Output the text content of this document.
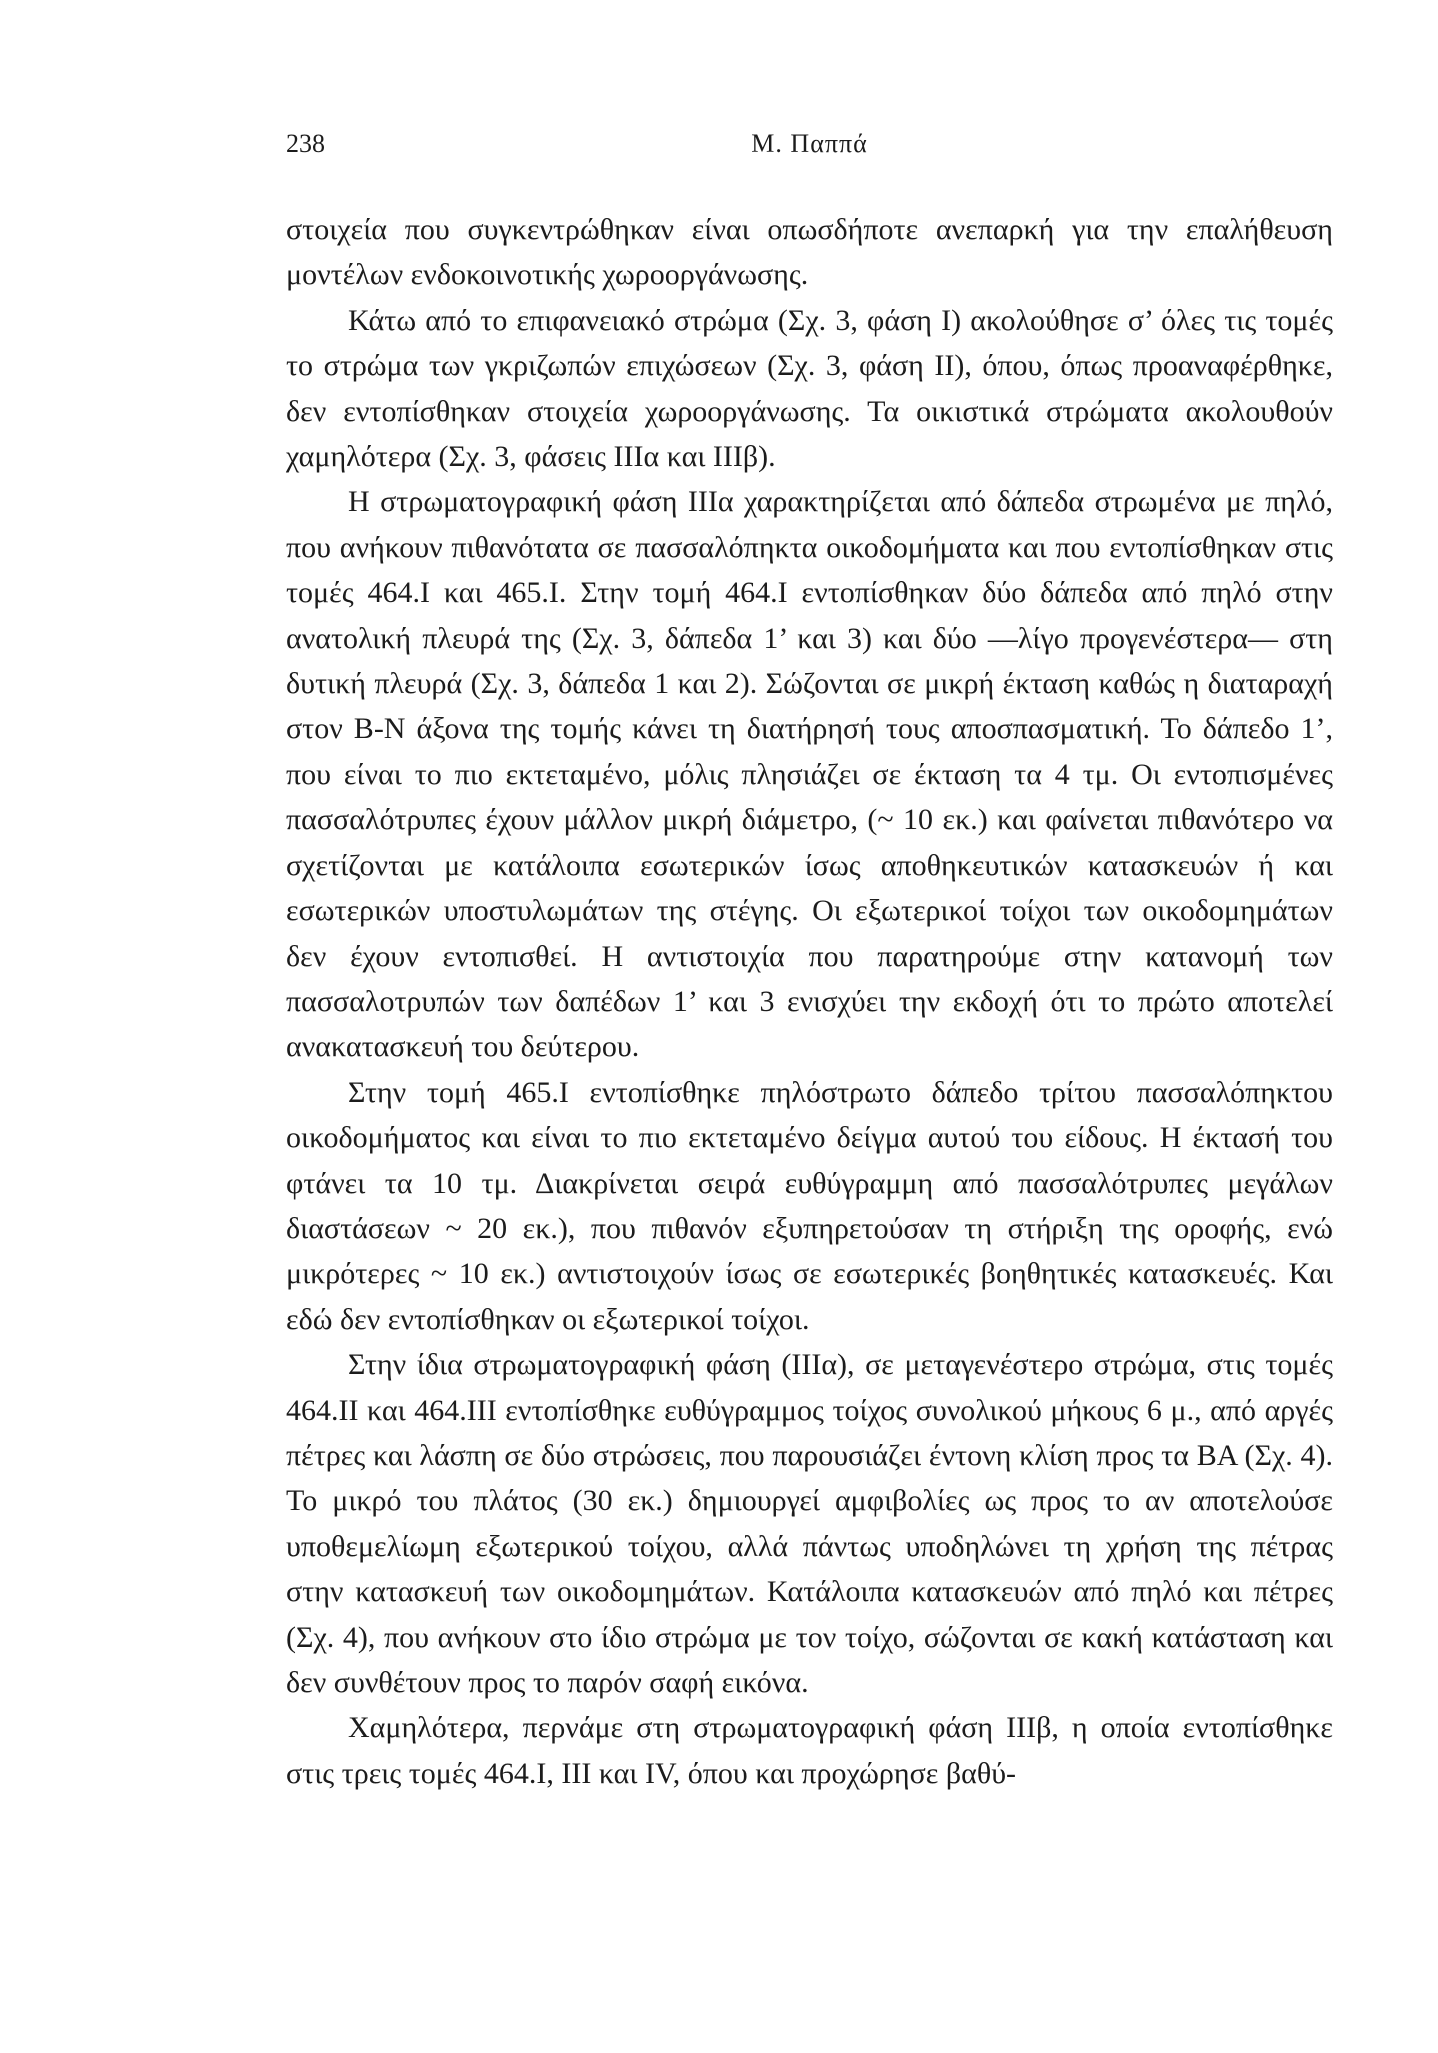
238	Μ. Παππά

στοιχεία που συγκεντρώθηκαν είναι οπωσδήποτε ανεπαρκή για την επαλήθευση μοντέλων ενδοκοινοτικής χωροοργάνωσης.

Κάτω από το επιφανειακό στρώμα (Σχ. 3, φάση Ι) ακολούθησε σ’ όλες τις τομές το στρώμα των γκριζωπών επιχώσεων (Σχ. 3, φάση ΙΙ), όπου, όπως προαναφέρθηκε, δεν εντοπίσθηκαν στοιχεία χωροοργάνωσης. Τα οικιστικά στρώματα ακολουθούν χαμηλότερα (Σχ. 3, φάσεις ΙΙΙα και ΙΙΙβ).

Η στρωματογραφική φάση ΙΙΙα χαρακτηρίζεται από δάπεδα στρωμένα με πηλό, που ανήκουν πιθανότατα σε πασσαλόπηκτα οικοδομήματα και που εντοπίσθηκαν στις τομές 464.Ι και 465.Ι. Στην τομή 464.Ι εντοπίσθηκαν δύο δάπεδα από πηλό στην ανατολική πλευρά της (Σχ. 3, δάπεδα 1’ και 3) και δύο —λίγο προγενέστερα— στη δυτική πλευρά (Σχ. 3, δάπεδα 1 και 2). Σώζονται σε μικρή έκταση καθώς η διαταραχή στον Β-Ν άξονα της τομής κάνει τη διατήρησή τους αποσπασματική. Το δάπεδο 1’, που είναι το πιο εκτεταμένο, μόλις πλησιάζει σε έκταση τα 4 τμ. Οι εντοπισμένες πασσαλότρυπες έχουν μάλλον μικρή διάμετρο, (~ 10 εκ.) και φαίνεται πιθανότερο να σχετίζονται με κατάλοιπα εσωτερικών ίσως αποθηκευτικών κατασκευών ή και εσωτερικών υποστυλωμάτων της στέγης. Οι εξωτερικοί τοίχοι των οικοδομημάτων δεν έχουν εντοπισθεί. Η αντιστοιχία που παρατηρούμε στην κατανομή των πασσαλοτρυπών των δαπέδων 1’ και 3 ενισχύει την εκδοχή ότι το πρώτο αποτελεί ανακατασκευή του δεύτερου.

Στην τομή 465.Ι εντοπίσθηκε πηλόστρωτο δάπεδο τρίτου πασσαλόπηκτου οικοδομήματος και είναι το πιο εκτεταμένο δείγμα αυτού του είδους. Η έκτασή του φτάνει τα 10 τμ. Διακρίνεται σειρά ευθύγραμμη από πασσαλότρυπες μεγάλων διαστάσεων ~ 20 εκ.), που πιθανόν εξυπηρετούσαν τη στήριξη της οροφής, ενώ μικρότερες ~ 10 εκ.) αντιστοιχούν ίσως σε εσωτερικές βοηθητικές κατασκευές. Και εδώ δεν εντοπίσθηκαν οι εξωτερικοί τοίχοι.

Στην ίδια στρωματογραφική φάση (ΙΙΙα), σε μεταγενέστερο στρώμα, στις τομές 464.ΙΙ και 464.ΙΙΙ εντοπίσθηκε ευθύγραμμος τοίχος συνολικού μήκους 6 μ., από αργές πέτρες και λάσπη σε δύο στρώσεις, που παρουσιάζει έντονη κλίση προς τα ΒΑ (Σχ. 4). Το μικρό του πλάτος (30 εκ.) δημιουργεί αμφιβολίες ως προς το αν αποτελούσε υποθεμελίωμη εξωτερικού τοίχου, αλλά πάντως υποδηλώνει τη χρήση της πέτρας στην κατασκευή των οικοδομημάτων. Κατάλοιπα κατασκευών από πηλό και πέτρες (Σχ. 4), που ανήκουν στο ίδιο στρώμα με τον τοίχο, σώζονται σε κακή κατάσταση και δεν συνθέτουν προς το παρόν σαφή εικόνα.

Χαμηλότερα, περνάμε στη στρωματογραφική φάση ΙΙΙβ, η οποία εντοπίσθηκε στις τρεις τομές 464.Ι, ΙΙΙ και ΙV, όπου και προχώρησε βαθύ-
